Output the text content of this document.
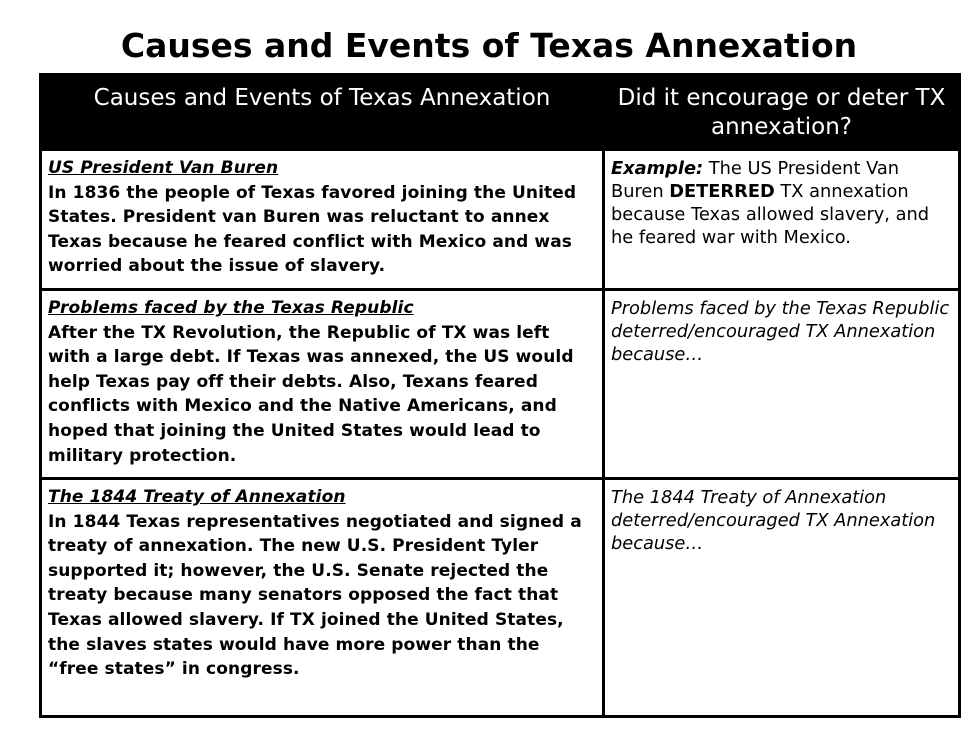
Causes and Events of Texas Annexation
Causes and Events of Texas Annexation	Did it encourage or deter TX annexation?

US President Van Buren
In 1836 the people of Texas favored joining the United States. President van Buren was reluctant to annex Texas because he feared conflict with Mexico and was worried about the issue of slavery.	Example: The US President Van Buren DETERRED TX annexation because Texas allowed slavery, and he feared war with Mexico.

Problems faced by the Texas Republic
After the TX Revolution, the Republic of TX was left with a large debt. If Texas was annexed, the US would help Texas pay off their debts. Also, Texans feared conflicts with Mexico and the Native Americans, and hoped that joining the United States would lead to military protection.	Problems faced by the Texas Republic deterred/encouraged TX Annexation because…

The 1844 Treaty of Annexation
In 1844 Texas representatives negotiated and signed a treaty of annexation. The new U.S. President Tyler supported it; however, the U.S. Senate rejected the treaty because many senators opposed the fact that Texas allowed slavery. If TX joined the United States, the slaves states would have more power than the “free states” in congress.	The 1844 Treaty of Annexation deterred/encouraged TX Annexation because…
